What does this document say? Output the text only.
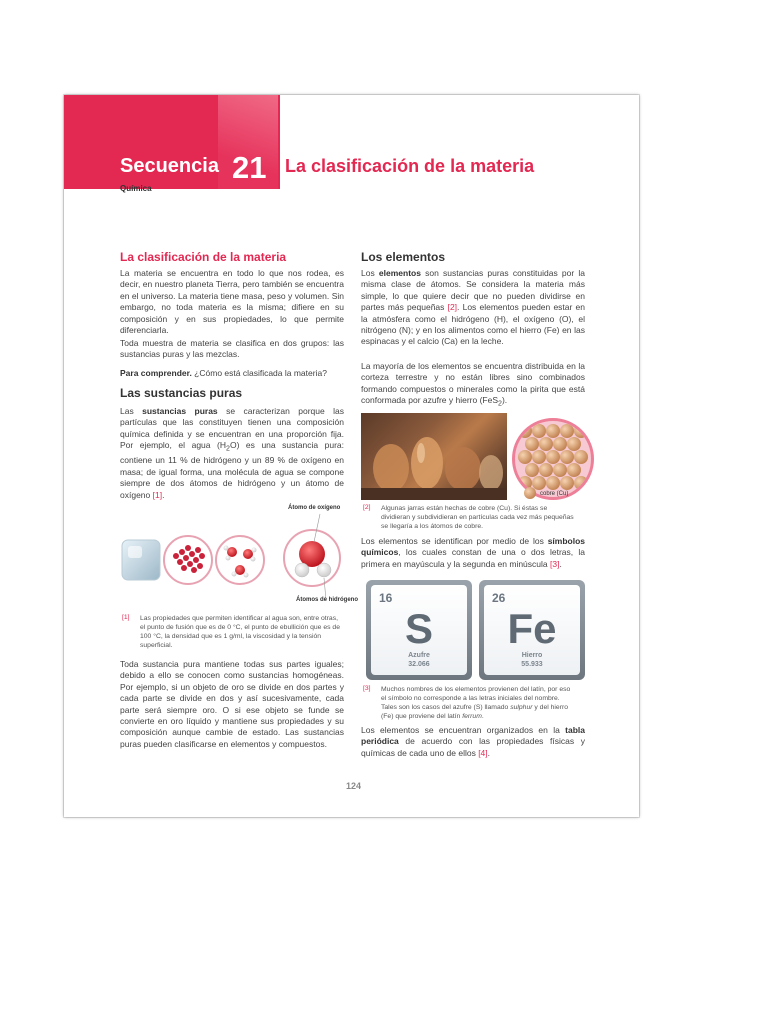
Secuencia 21 La clasificación de la materia
Química
La clasificación de la materia

La materia se encuentra en todo lo que nos rodea, es decir, en nuestro planeta Tierra, pero también se encuentra en el universo. La materia tiene masa, peso y volumen. Sin embargo, no toda materia es la misma; difiere en su composición y en sus propiedades, lo que permite diferenciarla.

Toda muestra de materia se clasifica en dos grupos: las sustancias puras y las mezclas.

Para comprender. ¿Cómo está clasificada la materia?

Las sustancias puras

Las sustancias puras se caracterizan porque las partículas que las constituyen tienen una composición química definida y se encuentran en una proporción fija. Por ejemplo, el agua $(H_2O)$ es una sustancia pura: contiene un 11 % de hidrógeno y un 89 % de oxígeno en masa; de igual forma, una molécula de agua se compone siempre de dos átomos de hidrógeno y un átomo de oxígeno [1].

Átomo de oxígeno
Átomos de hidrógeno
[1] Las propiedades que permiten identificar al agua son, entre otras, el punto de fusión que es de 0 °C, el punto de ebullición que es de 100 °C, la densidad que es 1 g/ml, la viscosidad y la tensión superficial.

Toda sustancia pura mantiene todas sus partes iguales; debido a ello se conocen como sustancias homogéneas. Por ejemplo, si un objeto de oro se divide en dos partes y cada parte se divide en dos y así sucesivamente, cada parte será siempre oro. O si ese objeto se funde se convierte en oro líquido y mantiene sus propiedades y su composición aunque cambie de estado. Las sustancias puras pueden clasificarse en elementos y compuestos.

Los elementos

Los elementos son sustancias puras constituidas por la misma clase de átomos. Se considera la materia más simple, lo que quiere decir que no pueden dividirse en partes más pequeñas [2]. Los elementos pueden estar en la atmósfera como el hidrógeno (H), el oxígeno (O), el nitrógeno (N); y en los alimentos como el hierro (Fe) en las espinacas y el calcio (Ca) en la leche.

La mayoría de los elementos se encuentra distribuida en la corteza terrestre y no están libres sino combinados formando compuestos o minerales como la pirita que está conformada por azufre y hierro (FeS$_2$).

cobre (Cu)
[2] Algunas jarras están hechas de cobre (Cu). Si éstas se dividieran y subdividieran en partículas cada vez más pequeñas se llegaría a los átomos de cobre.

Los elementos se identifican por medio de los símbolos químicos, los cuales constan de una o dos letras, la primera en mayúscula y la segunda en minúscula [3].

16
S
Azufre
32.066
26
Fe
Hierro
55.933
[3] Muchos nombres de los elementos provienen del latín, por eso el símbolo no corresponde a las letras iniciales del nombre. Tales son los casos del azufre (S) llamado sulphur y del hierro (Fe) que proviene del latín ferrum.

Los elementos se encuentran organizados en la tabla periódica de acuerdo con las propiedades físicas y químicas de cada uno de ellos [4].

124
